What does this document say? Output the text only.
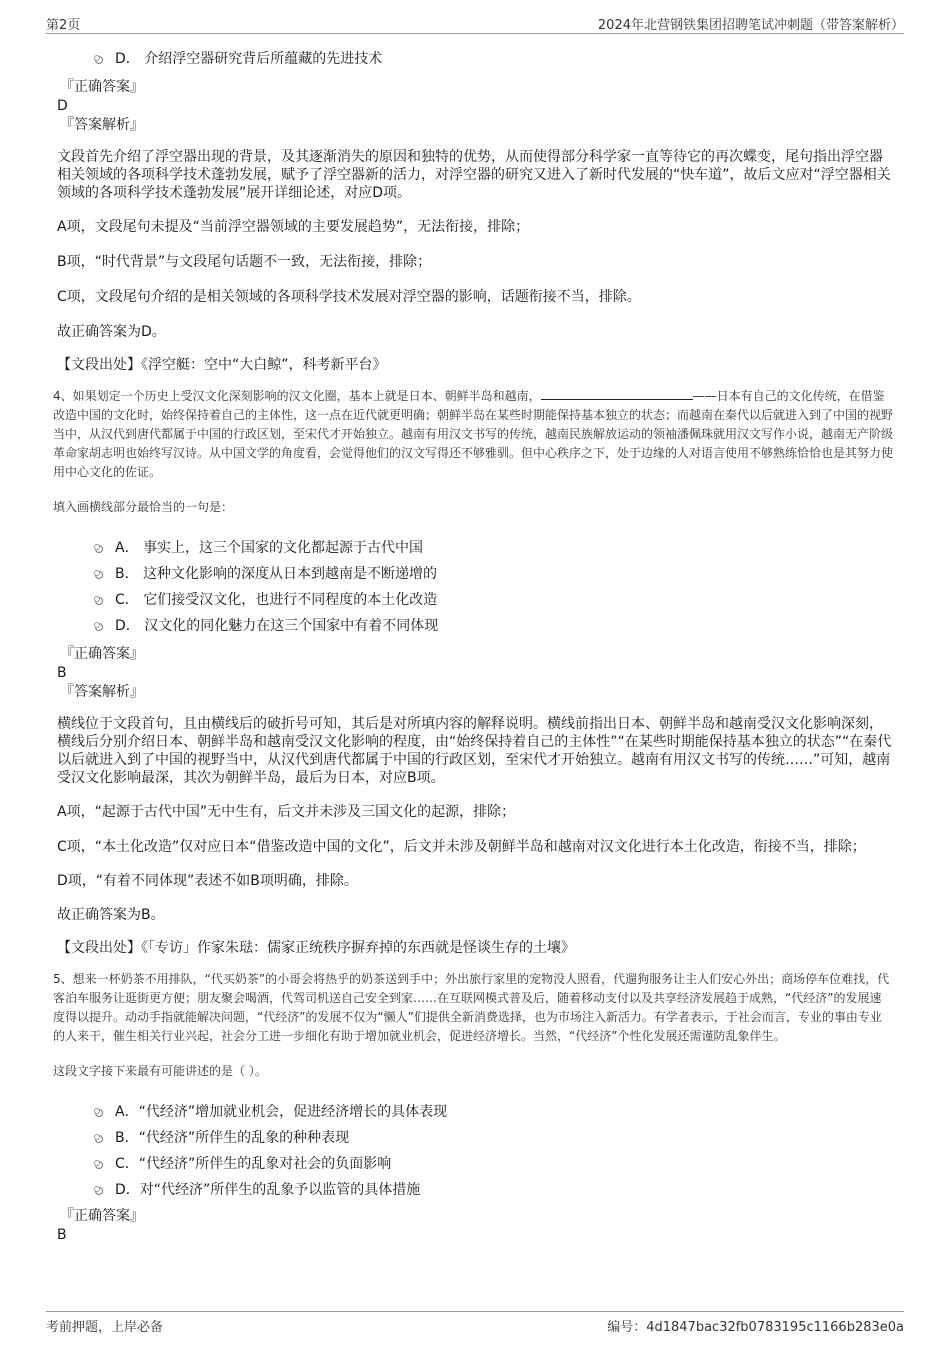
第2页	2024年北营钢铁集团招聘笔试冲刺题（带答案解析）
D． 介绍浮空器研究背后所蕴藏的先进技术
『正确答案』
D
『答案解析』
文段首先介绍了浮空器出现的背景，及其逐渐消失的原因和独特的优势，从而使得部分科学家一直等待它的再次蝶变，尾句指出浮空器相关领域的各项科学技术蓬勃发展，赋予了浮空器新的活力，对浮空器的研究又进入了新时代发展的“快车道”，故后文应对“浮空器相关领域的各项科学技术蓬勃发展”展开详细论述，对应D项。
A项，文段尾句未提及“当前浮空器领域的主要发展趋势”，无法衔接，排除；
B项，“时代背景”与文段尾句话题不一致，无法衔接，排除；
C项，文段尾句介绍的是相关领域的各项科学技术发展对浮空器的影响，话题衔接不当，排除。
故正确答案为D。
【文段出处】《浮空艇：空中“大白鲸”，科考新平台》
4、如果划定一个历史上受汉文化深刻影响的汉文化圈，基本上就是日本、朝鲜半岛和越南，	——日本有自己的文化传统，在借鉴改造中国的文化时，始终保持着自己的主体性，这一点在近代就更明确；朝鲜半岛在某些时期能保持基本独立的状态；而越南在秦代以后就进入到了中国的视野当中，从汉代到唐代都属于中国的行政区划，至宋代才开始独立。越南有用汉文书写的传统，越南民族解放运动的领袖潘佩珠就用汉文写作小说，越南无产阶级革命家胡志明也始终写汉诗。从中国文学的角度看，会觉得他们的汉文写得还不够雅驯。但中心秩序之下，处于边缘的人对语言使用不够熟练恰恰也是其努力使用中心文化的佐证。
填入画横线部分最恰当的一句是：
A． 事实上，这三个国家的文化都起源于古代中国
B． 这种文化影响的深度从日本到越南是不断递增的
C． 它们接受汉文化，也进行不同程度的本土化改造
D． 汉文化的同化魅力在这三个国家中有着不同体现
『正确答案』
B
『答案解析』
横线位于文段首句，且由横线后的破折号可知，其后是对所填内容的解释说明。横线前指出日本、朝鲜半岛和越南受汉文化影响深刻，横线后分别介绍日本、朝鲜半岛和越南受汉文化影响的程度，由“始终保持着自己的主体性”“在某些时期能保持基本独立的状态”“在秦代以后就进入到了中国的视野当中，从汉代到唐代都属于中国的行政区划，至宋代才开始独立。越南有用汉文书写的传统……”可知，越南受汉文化影响最深，其次为朝鲜半岛，最后为日本，对应B项。
A项，“起源于古代中国”无中生有，后文并未涉及三国文化的起源，排除；
C项，“本土化改造”仅对应日本“借鉴改造中国的文化”，后文并未涉及朝鲜半岛和越南对汉文化进行本土化改造，衔接不当，排除；
D项，“有着不同体现”表述不如B项明确，排除。
故正确答案为B。
【文段出处】《「专访」作家朱琺：儒家正统秩序摒弃掉的东西就是怪谈生存的土壤》
5、想来一杯奶茶不用排队，“代买奶茶”的小哥会将热乎的奶茶送到手中；外出旅行家里的宠物没人照看，代遛狗服务让主人们安心外出；商场停车位难找，代客泊车服务让逛街更方便；朋友聚会喝酒，代驾司机送自己安全到家……在互联网模式普及后，随着移动支付以及共享经济发展趋于成熟，“代经济”的发展速度得以提升。动动手指就能解决问题，“代经济”的发展不仅为“懒人”们提供全新消费选择，也为市场注入新活力。有学者表示，于社会而言，专业的事由专业的人来干，催生相关行业兴起，社会分工进一步细化有助于增加就业机会，促进经济增长。当然，“代经济”个性化发展还需谨防乱象伴生。
这段文字接下来最有可能讲述的是（ ）。
A．“代经济”增加就业机会，促进经济增长的具体表现
B．“代经济”所伴生的乱象的种种表现
C．“代经济”所伴生的乱象对社会的负面影响
D．对“代经济”所伴生的乱象予以监管的具体措施
『正确答案』
B
考前押题，上岸必备	编号：4d1847bac32fb0783195c1166b283e0a
